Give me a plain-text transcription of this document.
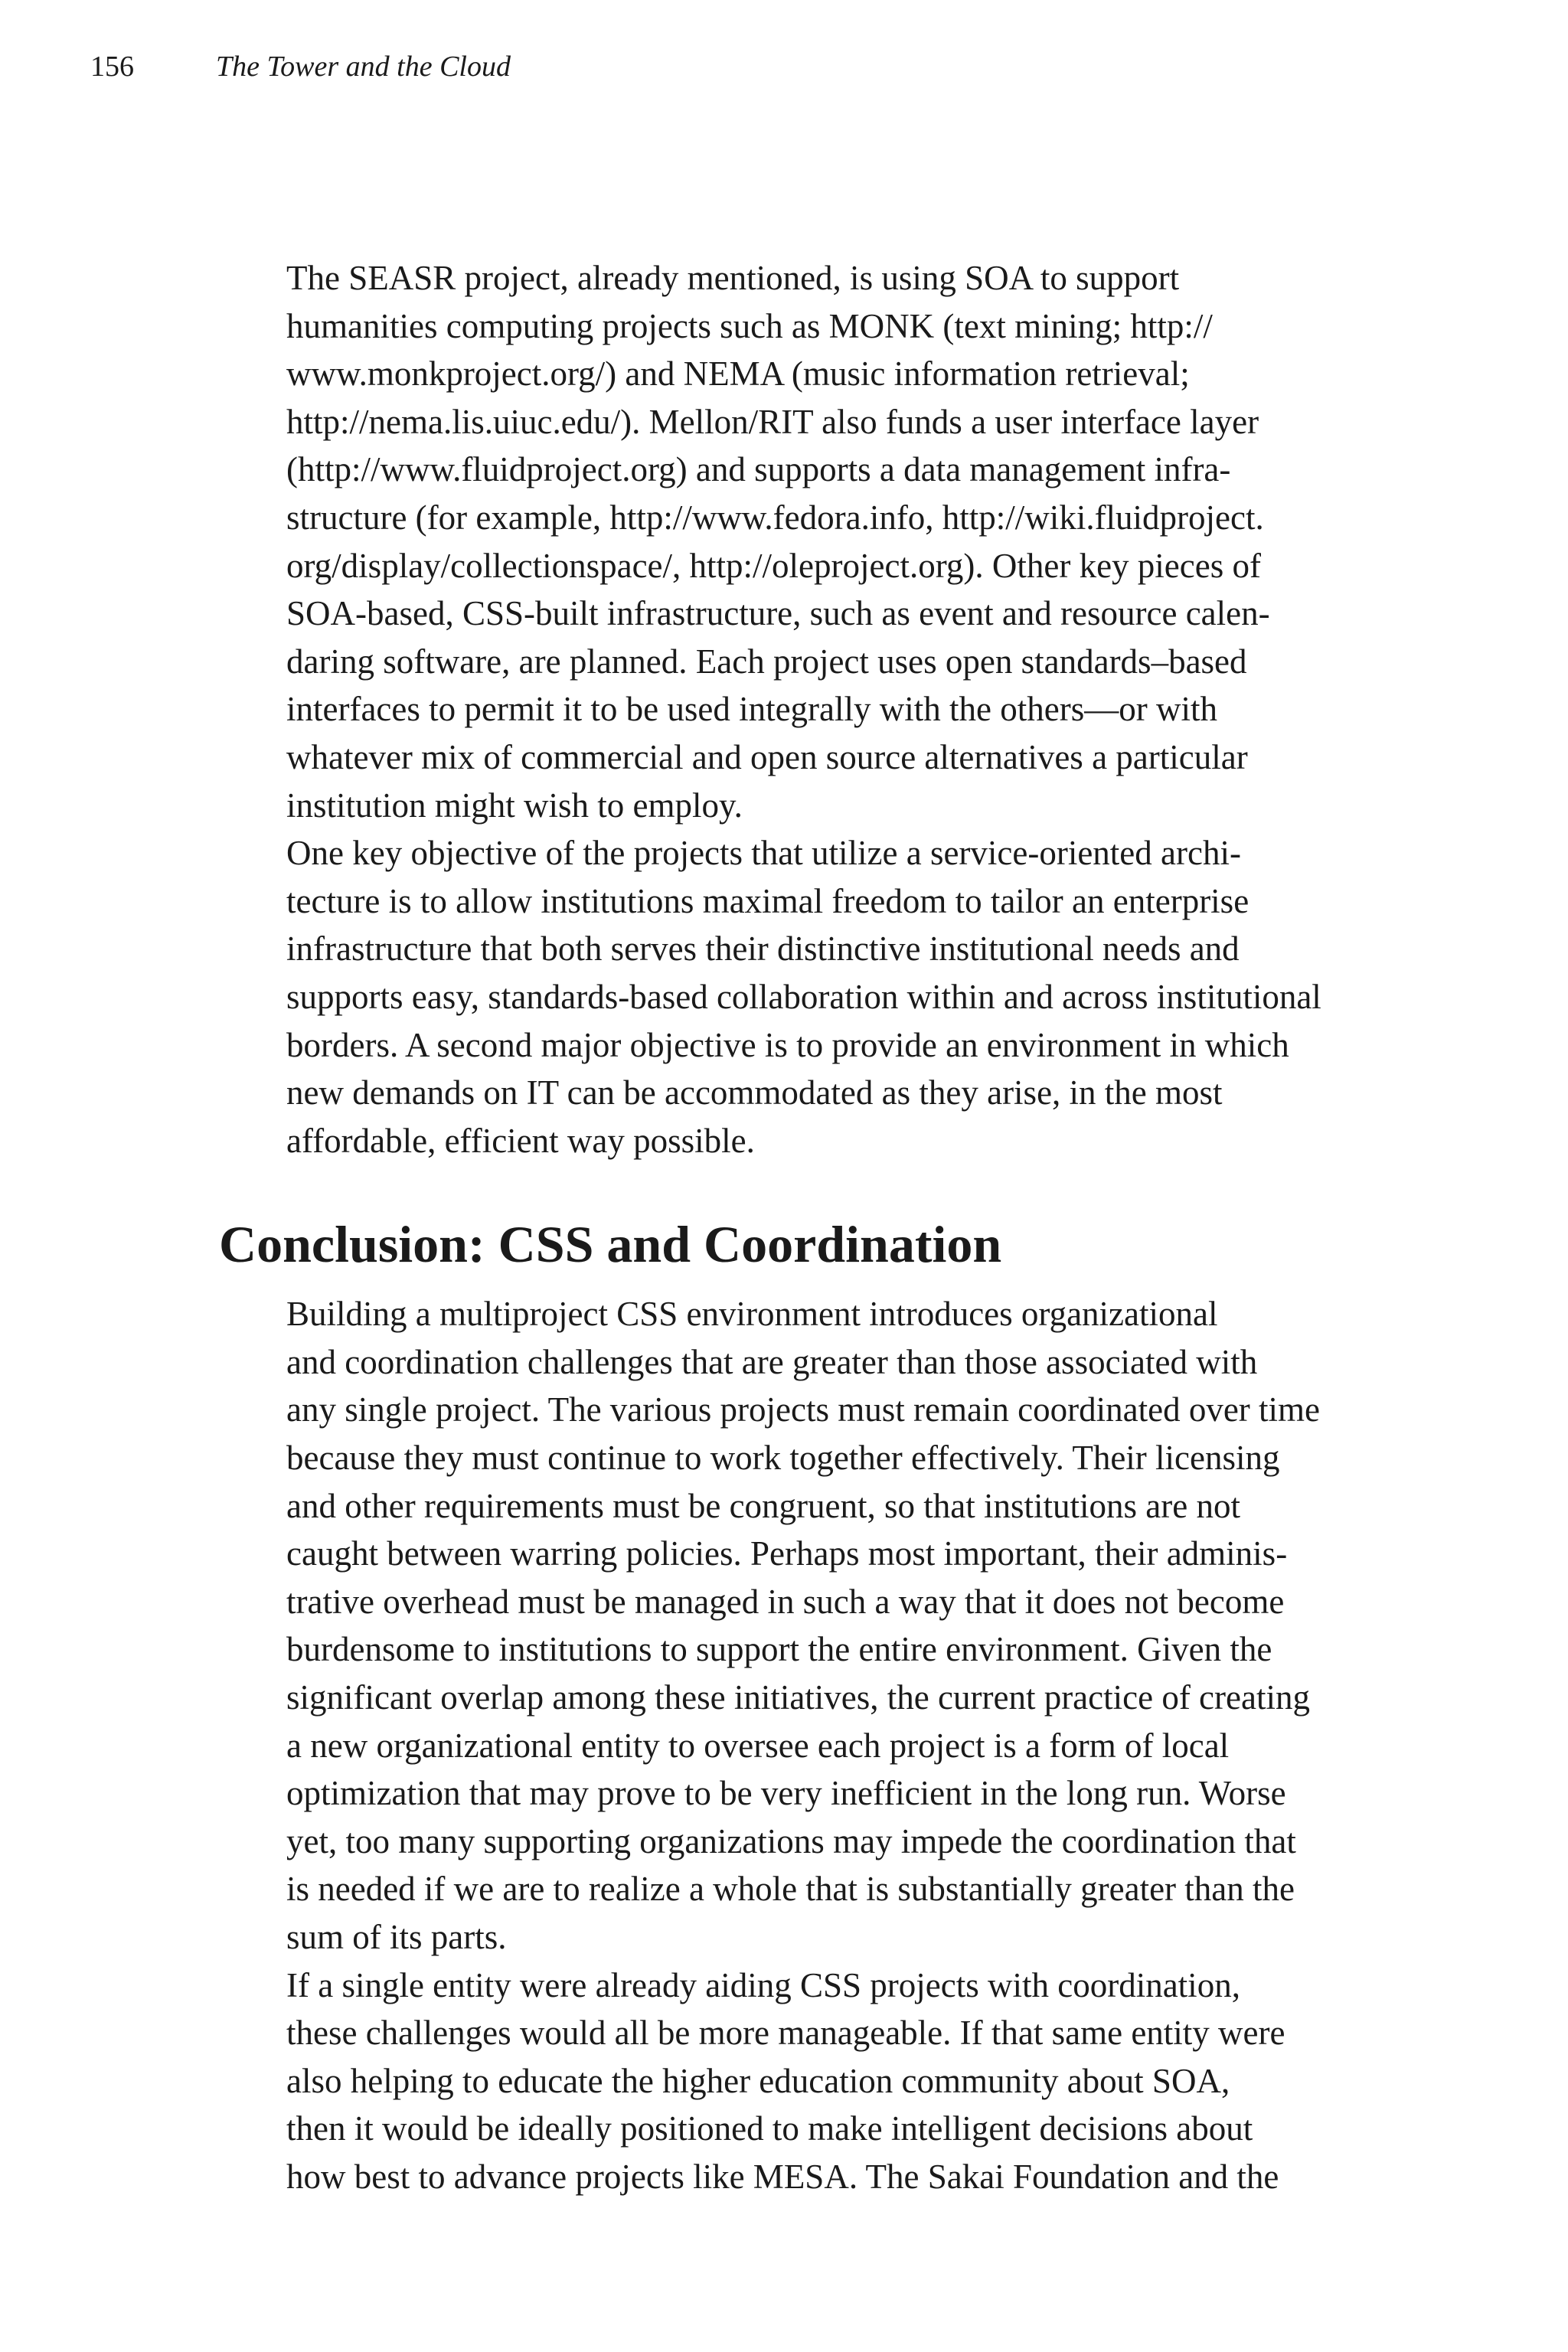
156	The Tower and the Cloud

The SEASR project, already mentioned, is using SOA to support
humanities computing projects such as MONK (text mining; http://
www.monkproject.org/) and NEMA (music information retrieval;
http://nema.lis.uiuc.edu/). Mellon/RIT also funds a user interface layer
(http://www.fluidproject.org) and supports a data management infra-
structure (for example, http://www.fedora.info, http://wiki.fluidproject.
org/display/collectionspace/, http://oleproject.org). Other key pieces of
SOA-based, CSS-built infrastructure, such as event and resource calen-
daring software, are planned. Each project uses open standards–based
interfaces to permit it to be used integrally with the others—or with
whatever mix of commercial and open source alternatives a particular
institution might wish to employ.

One key objective of the projects that utilize a service-oriented archi-
tecture is to allow institutions maximal freedom to tailor an enterprise
infrastructure that both serves their distinctive institutional needs and
supports easy, standards-based collaboration within and across institutional
borders. A second major objective is to provide an environment in which
new demands on IT can be accommodated as they arise, in the most
affordable, efficient way possible.

Conclusion: CSS and Coordination

Building a multiproject CSS environment introduces organizational
and coordination challenges that are greater than those associated with
any single project. The various projects must remain coordinated over time
because they must continue to work together effectively. Their licensing
and other requirements must be congruent, so that institutions are not
caught between warring policies. Perhaps most important, their adminis-
trative overhead must be managed in such a way that it does not become
burdensome to institutions to support the entire environment. Given the
significant overlap among these initiatives, the current practice of creating
a new organizational entity to oversee each project is a form of local
optimization that may prove to be very inefficient in the long run. Worse
yet, too many supporting organizations may impede the coordination that
is needed if we are to realize a whole that is substantially greater than the
sum of its parts.

If a single entity were already aiding CSS projects with coordination,
these challenges would all be more manageable. If that same entity were
also helping to educate the higher education community about SOA,
then it would be ideally positioned to make intelligent decisions about
how best to advance projects like MESA. The Sakai Foundation and the
